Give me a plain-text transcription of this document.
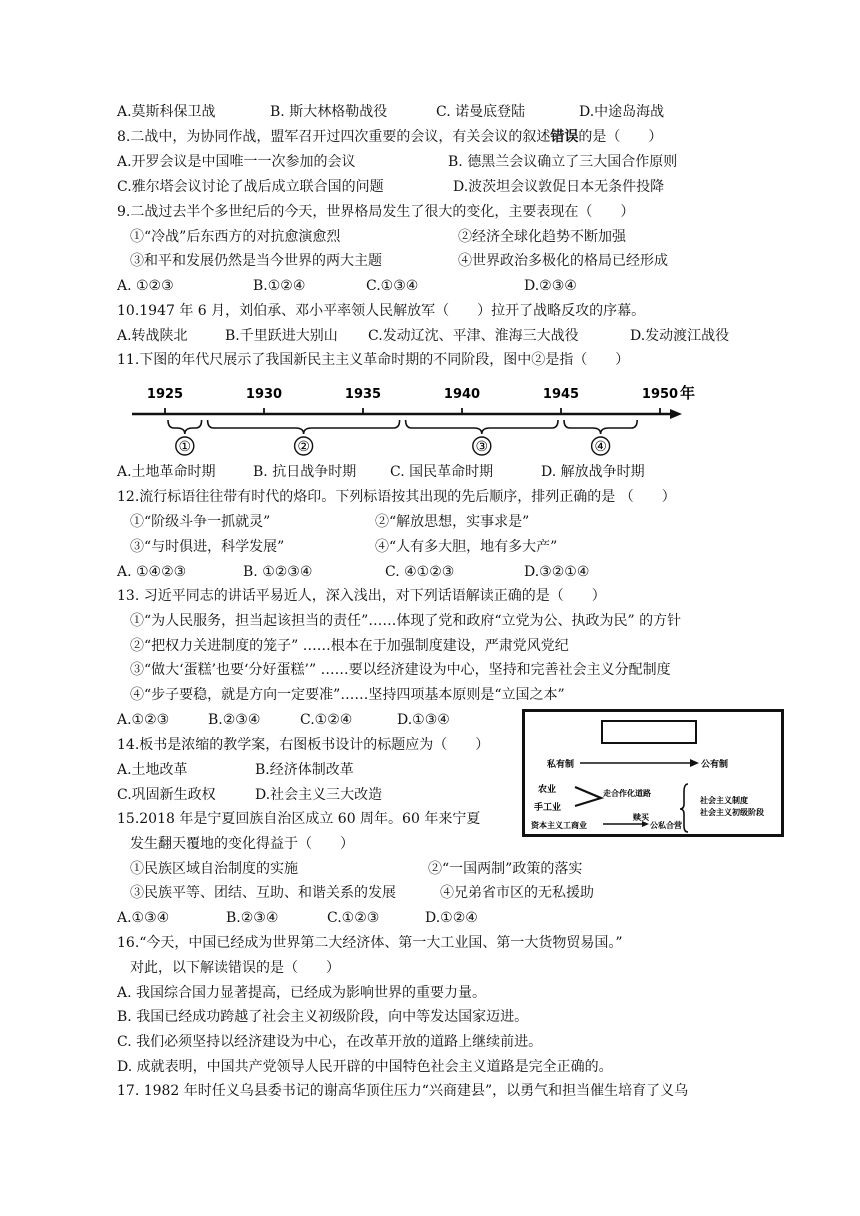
A.莫斯科保卫战	B. 斯大林格勒战役	C. 诺曼底登陆	D.中途岛海战
8.二战中，为协同作战，盟军召开过四次重要的会议，有关会议的叙述错误的是（　　）
A.开罗会议是中国唯一一次参加的会议	B. 德黑兰会议确立了三大国合作原则
C.雅尔塔会议讨论了战后成立联合国的问题	D.波茨坦会议敦促日本无条件投降
9.二战过去半个多世纪后的今天，世界格局发生了很大的变化，主要表现在（　　）
①“冷战”后东西方的对抗愈演愈烈	②经济全球化趋势不断加强
③和平和发展仍然是当今世界的两大主题	④世界政治多极化的格局已经形成
A. ①②③	B.①②④	C.①③④	D.②③④
10.1947 年 6 月，刘伯承、邓小平率领人民解放军（　　）拉开了战略反攻的序幕。
A.转战陕北	B.千里跃进大别山 C.发动辽沈、平津、淮海三大战役	D.发动渡江战役
11.下图的年代尺展示了我国新民主主义革命时期的不同阶段，图中②是指（　　）
1925	1930	1935	1940	1945	1950 年
①	②	③	④
A.土地革命时期	B. 抗日战争时期 C. 国民革命时期	D. 解放战争时期
12.流行标语往往带有时代的烙印。下列标语按其出现的先后顺序，排列正确的是 （　　）
①“阶级斗争一抓就灵”	②“解放思想，实事求是”
③“与时俱进，科学发展”	④“人有多大胆，地有多大产”
A. ①④②③	B. ①②③④	C. ④①②③	D.③②①④
13. 习近平同志的讲话平易近人，深入浅出，对下列话语解读正确的是（　　）
①“为人民服务，担当起该担当的责任”……体现了党和政府“立党为公、执政为民” 的方针
②“把权力关进制度的笼子” ……根本在于加强制度建设，严肃党风党纪
③“做大‘蛋糕’也要‘分好蛋糕’” ……要以经济建设为中心，坚持和完善社会主义分配制度
④“步子要稳，就是方向一定要准”……坚持四项基本原则是“立国之本”
A.①②③	B.②③④	C.①②④	D.①③④
14.板书是浓缩的教学案，右图板书设计的标题应为（　　）
A.土地改革	B.经济体制改革
C.巩固新生政权	D.社会主义三大改造
私有制	公有制
农业
手工业
走合作化道路
资本主义工商业
赎买
公私合营
社会主义制度
社会主义初级阶段
15.2018 年是宁夏回族自治区成立 60 周年。60 年来宁夏
发生翻天覆地的变化得益于（　　）
①民族区域自治制度的实施	②“一国两制”政策的落实
③民族平等、团结、互助、和谐关系的发展	④兄弟省市区的无私援助
A.①③④	B.②③④	C.①②③	D.①②④
16.“今天，中国已经成为世界第二大经济体、第一大工业国、第一大货物贸易国。”
对此，以下解读错误的是（　　）
A. 我国综合国力显著提高，已经成为影响世界的重要力量。
B. 我国已经成功跨越了社会主义初级阶段，向中等发达国家迈进。
C. 我们必须坚持以经济建设为中心，在改革开放的道路上继续前进。
D. 成就表明，中国共产党领导人民开辟的中国特色社会主义道路是完全正确的。
17. 1982 年时任义乌县委书记的谢高华顶住压力“兴商建县”，以勇气和担当催生培育了义乌
